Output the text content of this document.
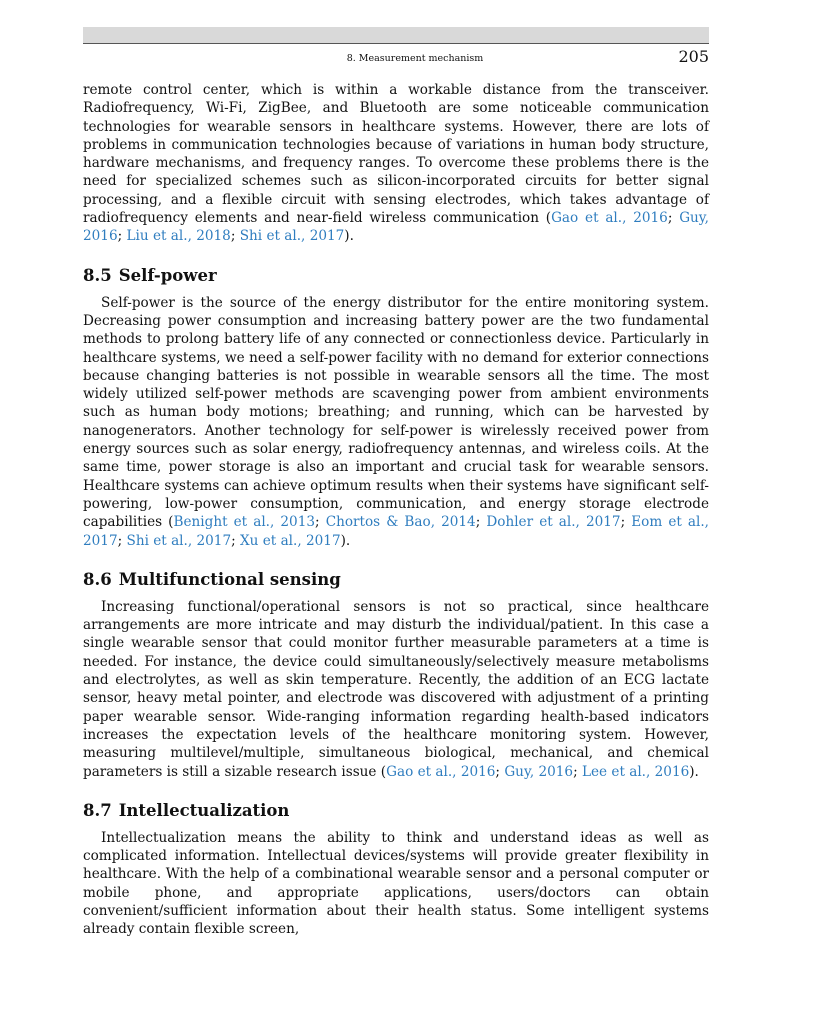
8. Measurement mechanism	205

remote control center, which is within a workable distance from the transceiver. Radiofrequency, Wi-Fi, ZigBee, and Bluetooth are some noticeable communication technologies for wearable sensors in healthcare systems. However, there are lots of problems in communication technologies because of variations in human body structure, hardware mechanisms, and frequency ranges. To overcome these problems there is the need for specialized schemes such as silicon-incorporated circuits for better signal processing, and a flexible circuit with sensing electrodes, which takes advantage of radiofrequency elements and near-field wireless communication (Gao et al., 2016; Guy, 2016; Liu et al., 2018; Shi et al., 2017).

8.5 Self-power

Self-power is the source of the energy distributor for the entire monitoring system. Decreasing power consumption and increasing battery power are the two fundamental methods to prolong battery life of any connected or connectionless device. Particularly in healthcare systems, we need a self-power facility with no demand for exterior connections because changing batteries is not possible in wearable sensors all the time. The most widely utilized self-power methods are scavenging power from ambient environments such as human body motions; breathing; and running, which can be harvested by nanogenerators. Another technology for self-power is wirelessly received power from energy sources such as solar energy, radiofrequency antennas, and wireless coils. At the same time, power storage is also an important and crucial task for wearable sensors. Healthcare systems can achieve optimum results when their systems have significant self-powering, low-power consumption, communication, and energy storage electrode capabilities (Benight et al., 2013; Chortos & Bao, 2014; Dohler et al., 2017; Eom et al., 2017; Shi et al., 2017; Xu et al., 2017).

8.6 Multifunctional sensing

Increasing functional/operational sensors is not so practical, since healthcare arrangements are more intricate and may disturb the individual/patient. In this case a single wearable sensor that could monitor further measurable parameters at a time is needed. For instance, the device could simultaneously/selectively measure metabolisms and electrolytes, as well as skin temperature. Recently, the addition of an ECG lactate sensor, heavy metal pointer, and electrode was discovered with adjustment of a printing paper wearable sensor. Wide-ranging information regarding health-based indicators increases the expectation levels of the healthcare monitoring system. However, measuring multilevel/multiple, simultaneous biological, mechanical, and chemical parameters is still a sizable research issue (Gao et al., 2016; Guy, 2016; Lee et al., 2016).

8.7 Intellectualization

Intellectualization means the ability to think and understand ideas as well as complicated information. Intellectual devices/systems will provide greater flexibility in healthcare. With the help of a combinational wearable sensor and a personal computer or mobile phone, and appropriate applications, users/doctors can obtain convenient/sufficient information about their health status. Some intelligent systems already contain flexible screen,
